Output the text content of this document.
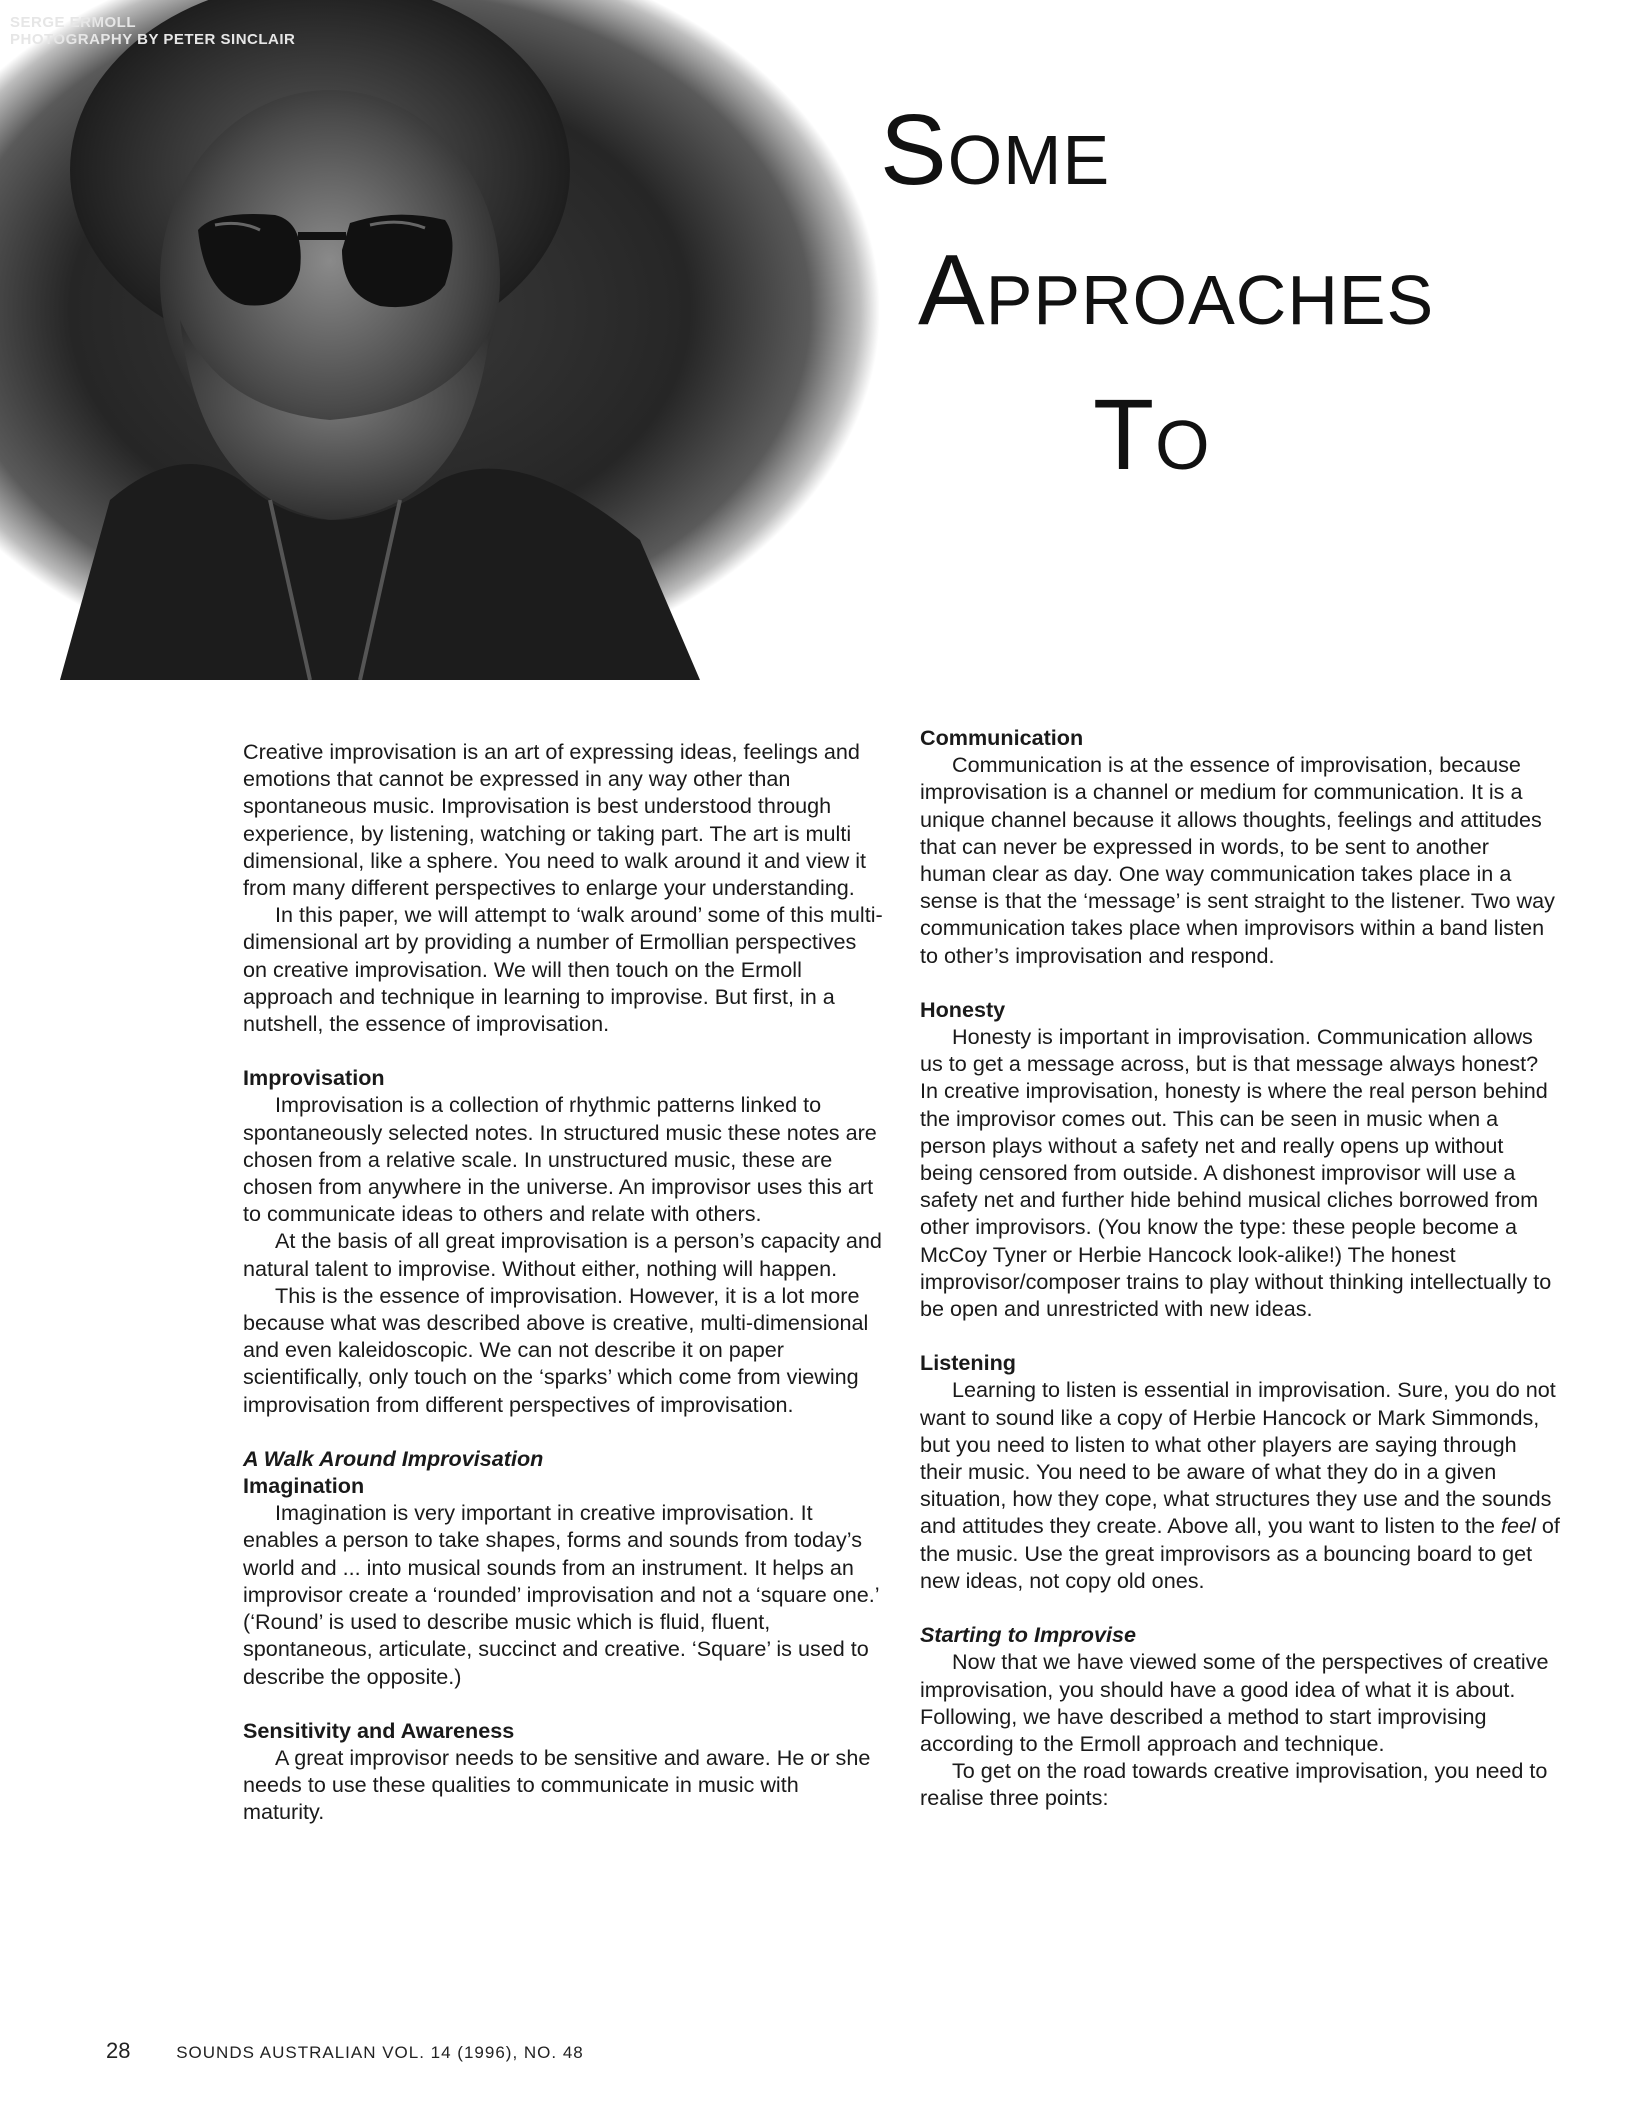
SERGE ERMOLL
PHOTOGRAPHY BY PETER SINCLAIR
Some
Approaches
To

Creative improvisation is an art of expressing ideas, feelings and emotions that cannot be expressed in any way other than spontaneous music. Improvisation is best understood through experience, by listening, watching or taking part. The art is multi dimensional, like a sphere. You need to walk around it and view it from many different perspectives to enlarge your understanding.

In this paper, we will attempt to ‘walk around’ some of this multi-dimensional art by providing a number of Ermollian perspectives on creative improvisation. We will then touch on the Ermoll approach and technique in learning to improvise. But first, in a nutshell, the essence of improvisation.

Improvisation

Improvisation is a collection of rhythmic patterns linked to spontaneously selected notes. In structured music these notes are chosen from a relative scale. In unstructured music, these are chosen from anywhere in the universe. An improvisor uses this art to communicate ideas to others and relate with others.

At the basis of all great improvisation is a person’s capacity and natural talent to improvise. Without either, nothing will happen.

This is the essence of improvisation. However, it is a lot more because what was described above is creative, multi-dimensional and even kaleidoscopic. We can not describe it on paper scientifically, only touch on the ‘sparks’ which come from viewing improvisation from different perspectives of improvisation.

A Walk Around Improvisation
Imagination

Imagination is very important in creative improvisation. It enables a person to take shapes, forms and sounds from today’s world and ... into musical sounds from an instrument. It helps an improvisor create a ‘rounded’ improvisation and not a ‘square one.’ (‘Round’ is used to describe music which is fluid, fluent, spontaneous, articulate, succinct and creative. ‘Square’ is used to describe the opposite.)

Sensitivity and Awareness

A great improvisor needs to be sensitive and aware. He or she needs to use these qualities to communicate in music with maturity.

Communication

Communication is at the essence of improvisation, because improvisation is a channel or medium for communication. It is a unique channel because it allows thoughts, feelings and attitudes that can never be expressed in words, to be sent to another human clear as day. One way communication takes place in a sense is that the ‘message’ is sent straight to the listener. Two way communication takes place when improvisors within a band listen to other’s improvisation and respond.

Honesty

Honesty is important in improvisation. Communication allows us to get a message across, but is that message always honest? In creative improvisation, honesty is where the real person behind the improvisor comes out. This can be seen in music when a person plays without a safety net and really opens up without being censored from outside. A dishonest improvisor will use a safety net and further hide behind musical cliches borrowed from other improvisors. (You know the type: these people become a McCoy Tyner or Herbie Hancock look-alike!) The honest improvisor/composer trains to play without thinking intellectually to be open and unrestricted with new ideas.

Listening

Learning to listen is essential in improvisation. Sure, you do not want to sound like a copy of Herbie Hancock or Mark Simmonds, but you need to listen to what other players are saying through their music. You need to be aware of what they do in a given situation, how they cope, what structures they use and the sounds and attitudes they create. Above all, you want to listen to the feel of the music. Use the great improvisors as a bouncing board to get new ideas, not copy old ones.

Starting to Improvise

Now that we have viewed some of the perspectives of creative improvisation, you should have a good idea of what it is about. Following, we have described a method to start improvising according to the Ermoll approach and technique.

To get on the road towards creative improvisation, you need to realise three points:

28	SOUNDS AUSTRALIAN VOL. 14 (1996), NO. 48
